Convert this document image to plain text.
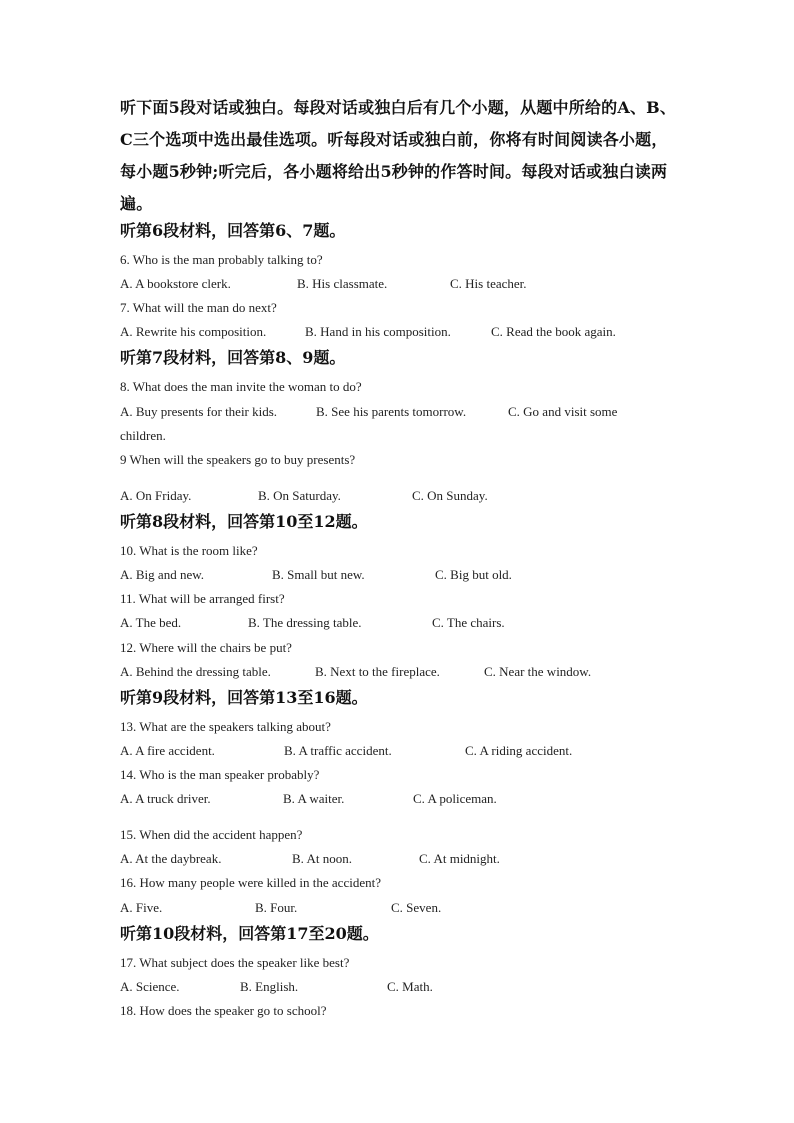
听下面5段对话或独白。每段对话或独白后有几个小题，从题中所给的A、B、C三个选项中选出最佳选项。听每段对话或独白前，你将有时间阅读各小题，每小题5秒钟;听完后，各小题将给出5秒钟的作答时间。每段对话或独白读两遍。
听第6段材料，回答第6、7题。
6. Who is the man probably talking to?
A. A bookstore clerk.	B. His classmate.	C. His teacher.
7. What will the man do next?
A. Rewrite his composition.	B. Hand in his composition.	C. Read the book again.
听第7段材料，回答第8、9题。
8. What does the man invite the woman to do?
A. Buy presents for their kids.	B. See his parents tomorrow.	C. Go and visit some
children.
9 When will the speakers go to buy presents?
A. On Friday.	B. On Saturday.	C. On Sunday.
听第8段材料，回答第10至12题。
10. What is the room like?
A. Big and new.	B. Small but new.	C. Big but old.
11. What will be arranged first?
A. The bed.	B. The dressing table.	C. The chairs.
12. Where will the chairs be put?
A. Behind the dressing table.	B. Next to the fireplace.	C. Near the window.
听第9段材料，回答第13至16题。
13. What are the speakers talking about?
A. A fire accident.	B. A traffic accident.	C. A riding accident.
14. Who is the man speaker probably?
A. A truck driver.	B. A waiter.	C. A policeman.
15. When did the accident happen?
A. At the daybreak.	B. At noon.	C. At midnight.
16. How many people were killed in the accident?
A. Five.	B. Four.	C. Seven.
听第10段材料，回答第17至20题。
17. What subject does the speaker like best?
A. Science.	B. English.	C. Math.
18. How does the speaker go to school?
